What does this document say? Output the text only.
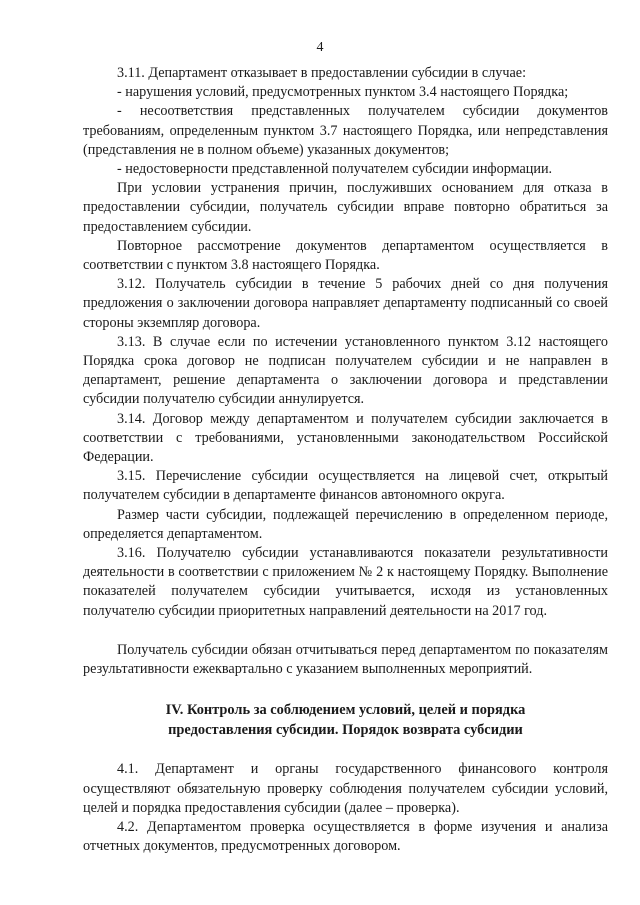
4

3.11. Департамент отказывает в предоставлении субсидии в случае:

- нарушения условий, предусмотренных пунктом 3.4 настоящего Порядка;

- несоответствия представленных получателем субсидии документов требованиям, определенным пунктом 3.7 настоящего Порядка, или непредставления (представления не в полном объеме) указанных документов;

- недостоверности представленной получателем субсидии информации.

При условии устранения причин, послуживших основанием для отказа в предоставлении субсидии, получатель субсидии вправе повторно обратиться за предоставлением субсидии.

Повторное рассмотрение документов департаментом осуществляется в соответствии с пунктом 3.8 настоящего Порядка.

3.12. Получатель субсидии в течение 5 рабочих дней со дня получения предложения о заключении договора направляет департаменту подписанный со своей стороны экземпляр договора.

3.13. В случае если по истечении установленного пунктом 3.12 настоящего Порядка срока договор не подписан получателем субсидии и не направлен в департамент, решение департамента о заключении договора и представлении субсидии получателю субсидии аннулируется.

3.14. Договор между департаментом и получателем субсидии заключается в соответствии с требованиями, установленными законодательством Российской Федерации.

3.15. Перечисление субсидии осуществляется на лицевой счет, открытый получателем субсидии в департаменте финансов автономного округа.

Размер части субсидии, подлежащей перечислению в определенном периоде, определяется департаментом.

3.16. Получателю субсидии устанавливаются показатели результативности деятельности в соответствии с приложением № 2 к настоящему Порядку. Выполнение показателей получателем субсидии учитывается, исходя из установленных получателю субсидии приоритетных направлений деятельности на 2017 год.

Получатель субсидии обязан отчитываться перед департаментом по показателям результативности ежеквартально с указанием выполненных мероприятий.

IV. Контроль за соблюдением условий, целей и порядка
предоставления субсидии. Порядок возврата субсидии

4.1. Департамент и органы государственного финансового контроля осуществляют обязательную проверку соблюдения получателем субсидии условий, целей и порядка предоставления субсидии (далее – проверка).

4.2. Департаментом проверка осуществляется в форме изучения и анализа отчетных документов, предусмотренных договором.
